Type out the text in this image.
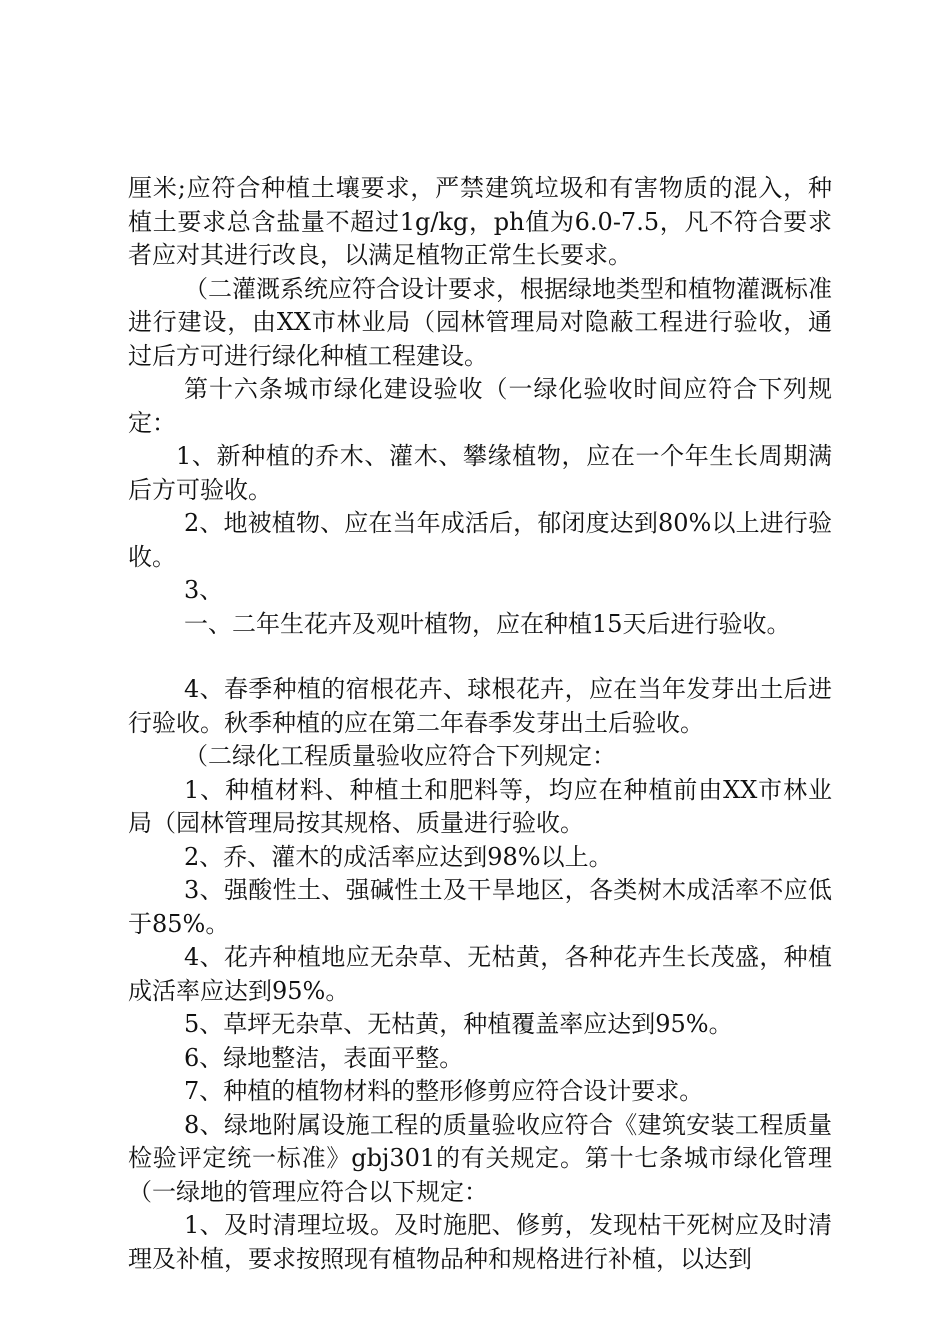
厘米;应符合种植土壤要求，严禁建筑垃圾和有害物质的混入，种植土要求总含盐量不超过1g/kg，ph值为6.0-7.5，凡不符合要求者应对其进行改良，以满足植物正常生长要求。

（二灌溉系统应符合设计要求，根据绿地类型和植物灌溉标准进行建设，由XX市林业局（园林管理局对隐蔽工程进行验收，通过后方可进行绿化种植工程建设。

第十六条城市绿化建设验收（一绿化验收时间应符合下列规定：

1、新种植的乔木、灌木、攀缘植物，应在一个年生长周期满后方可验收。

2、地被植物、应在当年成活后，郁闭度达到80%以上进行验收。

3、

一、二年生花卉及观叶植物，应在种植15天后进行验收。

4、春季种植的宿根花卉、球根花卉，应在当年发芽出土后进行验收。秋季种植的应在第二年春季发芽出土后验收。

（二绿化工程质量验收应符合下列规定：

1、种植材料、种植土和肥料等，均应在种植前由XX市林业局（园林管理局按其规格、质量进行验收。

2、乔、灌木的成活率应达到98%以上。

3、强酸性土、强碱性土及干旱地区，各类树木成活率不应低于85%。

4、花卉种植地应无杂草、无枯黄，各种花卉生长茂盛，种植成活率应达到95%。

5、草坪无杂草、无枯黄，种植覆盖率应达到95%。

6、绿地整洁，表面平整。

7、种植的植物材料的整形修剪应符合设计要求。

8、绿地附属设施工程的质量验收应符合《建筑安装工程质量检验评定统一标准》gbj301的有关规定。第十七条城市绿化管理（一绿地的管理应符合以下规定：

1、及时清理垃圾。及时施肥、修剪，发现枯干死树应及时清理及补植，要求按照现有植物品种和规格进行补植，以达到
